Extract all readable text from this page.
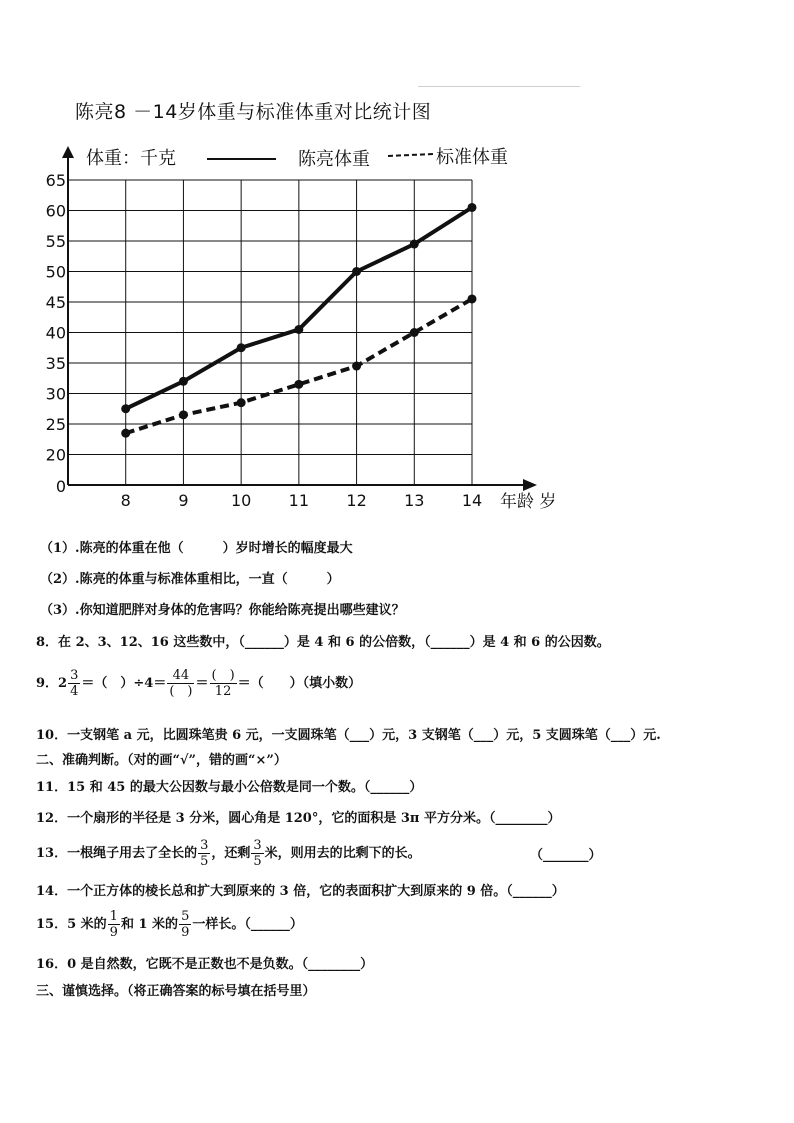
陈亮8 －14岁体重与标准体重对比统计图
0
20
25
30
35
40
45
50
55
60
65
8	9	10 11 12 13 14 年龄 岁
体重：千克	陈亮体重	标准体重
（1）.陈亮的体重在他（　　　）岁时增长的幅度最大
（2）.陈亮的体重与标准体重相比，一直（　　　）
（3）.你知道肥胖对身体的危害吗？你能给陈亮提出哪些建议？
8．在 2、3、12、16 这些数中，（______）是 4 和 6 的公倍数，（______）是 4 和 6 的公因数。
9．$2 \frac{3}{4}$ ＝（　）$\div 4= \frac{44}{( )} = \frac{( )}{12}$ ＝（　　）（填小数）
10．一支钢笔 a 元，比圆珠笔贵 6 元，一支圆珠笔（___）元，3 支钢笔（___）元，5 支圆珠笔（___）元.
二、准确判断。（对的画“√”，错的画“×”）
11．15 和 45 的最大公因数与最小公倍数是同一个数。（______）
12．一个扇形的半径是 3 分米，圆心角是 120°，它的面积是 3π 平方分米。（________）
13．一根绳子用去了全长的 $\frac{3}{5}$ ，还剩 $\frac{3}{5}$ 米，则用去的比剩下的长。	（_______）
14．一个正方体的棱长总和扩大到原来的 3 倍，它的表面积扩大到原来的 9 倍。（______）
15．5 米的 $\frac{1}{9}$ 和 1 米的 $\frac{5}{9}$ 一样长。（______）
16．0 是自然数，它既不是正数也不是负数。（________）
三、谨慎选择。（将正确答案的标号填在括号里）
